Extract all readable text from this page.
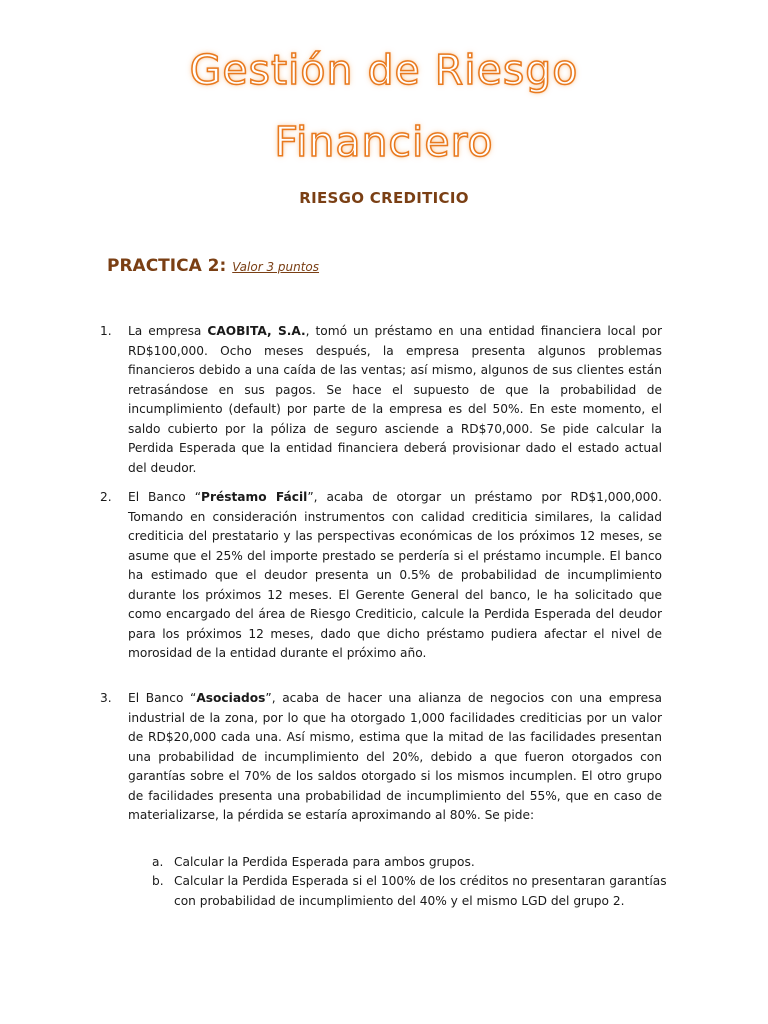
Gestión de Riesgo
Financiero
RIESGO CREDITICIO

PRACTICA 2: Valor 3 puntos

1. La empresa CAOBITA, S.A., tomó un préstamo en una entidad financiera local por RD$100,000. Ocho meses después, la empresa presenta algunos problemas financieros debido a una caída de las ventas; así mismo, algunos de sus clientes están retrasándose en sus pagos. Se hace el supuesto de que la probabilidad de incumplimiento (default) por parte de la empresa es del 50%. En este momento, el saldo cubierto por la póliza de seguro asciende a RD$70,000. Se pide calcular la Perdida Esperada que la entidad financiera deberá provisionar dado el estado actual del deudor.

2. El Banco “Préstamo Fácil”, acaba de otorgar un préstamo por RD$1,000,000. Tomando en consideración instrumentos con calidad crediticia similares, la calidad crediticia del prestatario y las perspectivas económicas de los próximos 12 meses, se asume que el 25% del importe prestado se perdería si el préstamo incumple. El banco ha estimado que el deudor presenta un 0.5% de probabilidad de incumplimiento durante los próximos 12 meses. El Gerente General del banco, le ha solicitado que como encargado del área de Riesgo Crediticio, calcule la Perdida Esperada del deudor para los próximos 12 meses, dado que dicho préstamo pudiera afectar el nivel de morosidad de la entidad durante el próximo año.

3. El Banco “Asociados”, acaba de hacer una alianza de negocios con una empresa industrial de la zona, por lo que ha otorgado 1,000 facilidades crediticias por un valor de RD$20,000 cada una. Así mismo, estima que la mitad de las facilidades presentan una probabilidad de incumplimiento del 20%, debido a que fueron otorgados con garantías sobre el 70% de los saldos otorgado si los mismos incumplen. El otro grupo de facilidades presenta una probabilidad de incumplimiento del 55%, que en caso de materializarse, la pérdida se estaría aproximando al 80%. Se pide:

a. Calcular la Perdida Esperada para ambos grupos.

b. Calcular la Perdida Esperada si el 100% de los créditos no presentaran garantías con probabilidad de incumplimiento del 40% y el mismo LGD del grupo 2.
